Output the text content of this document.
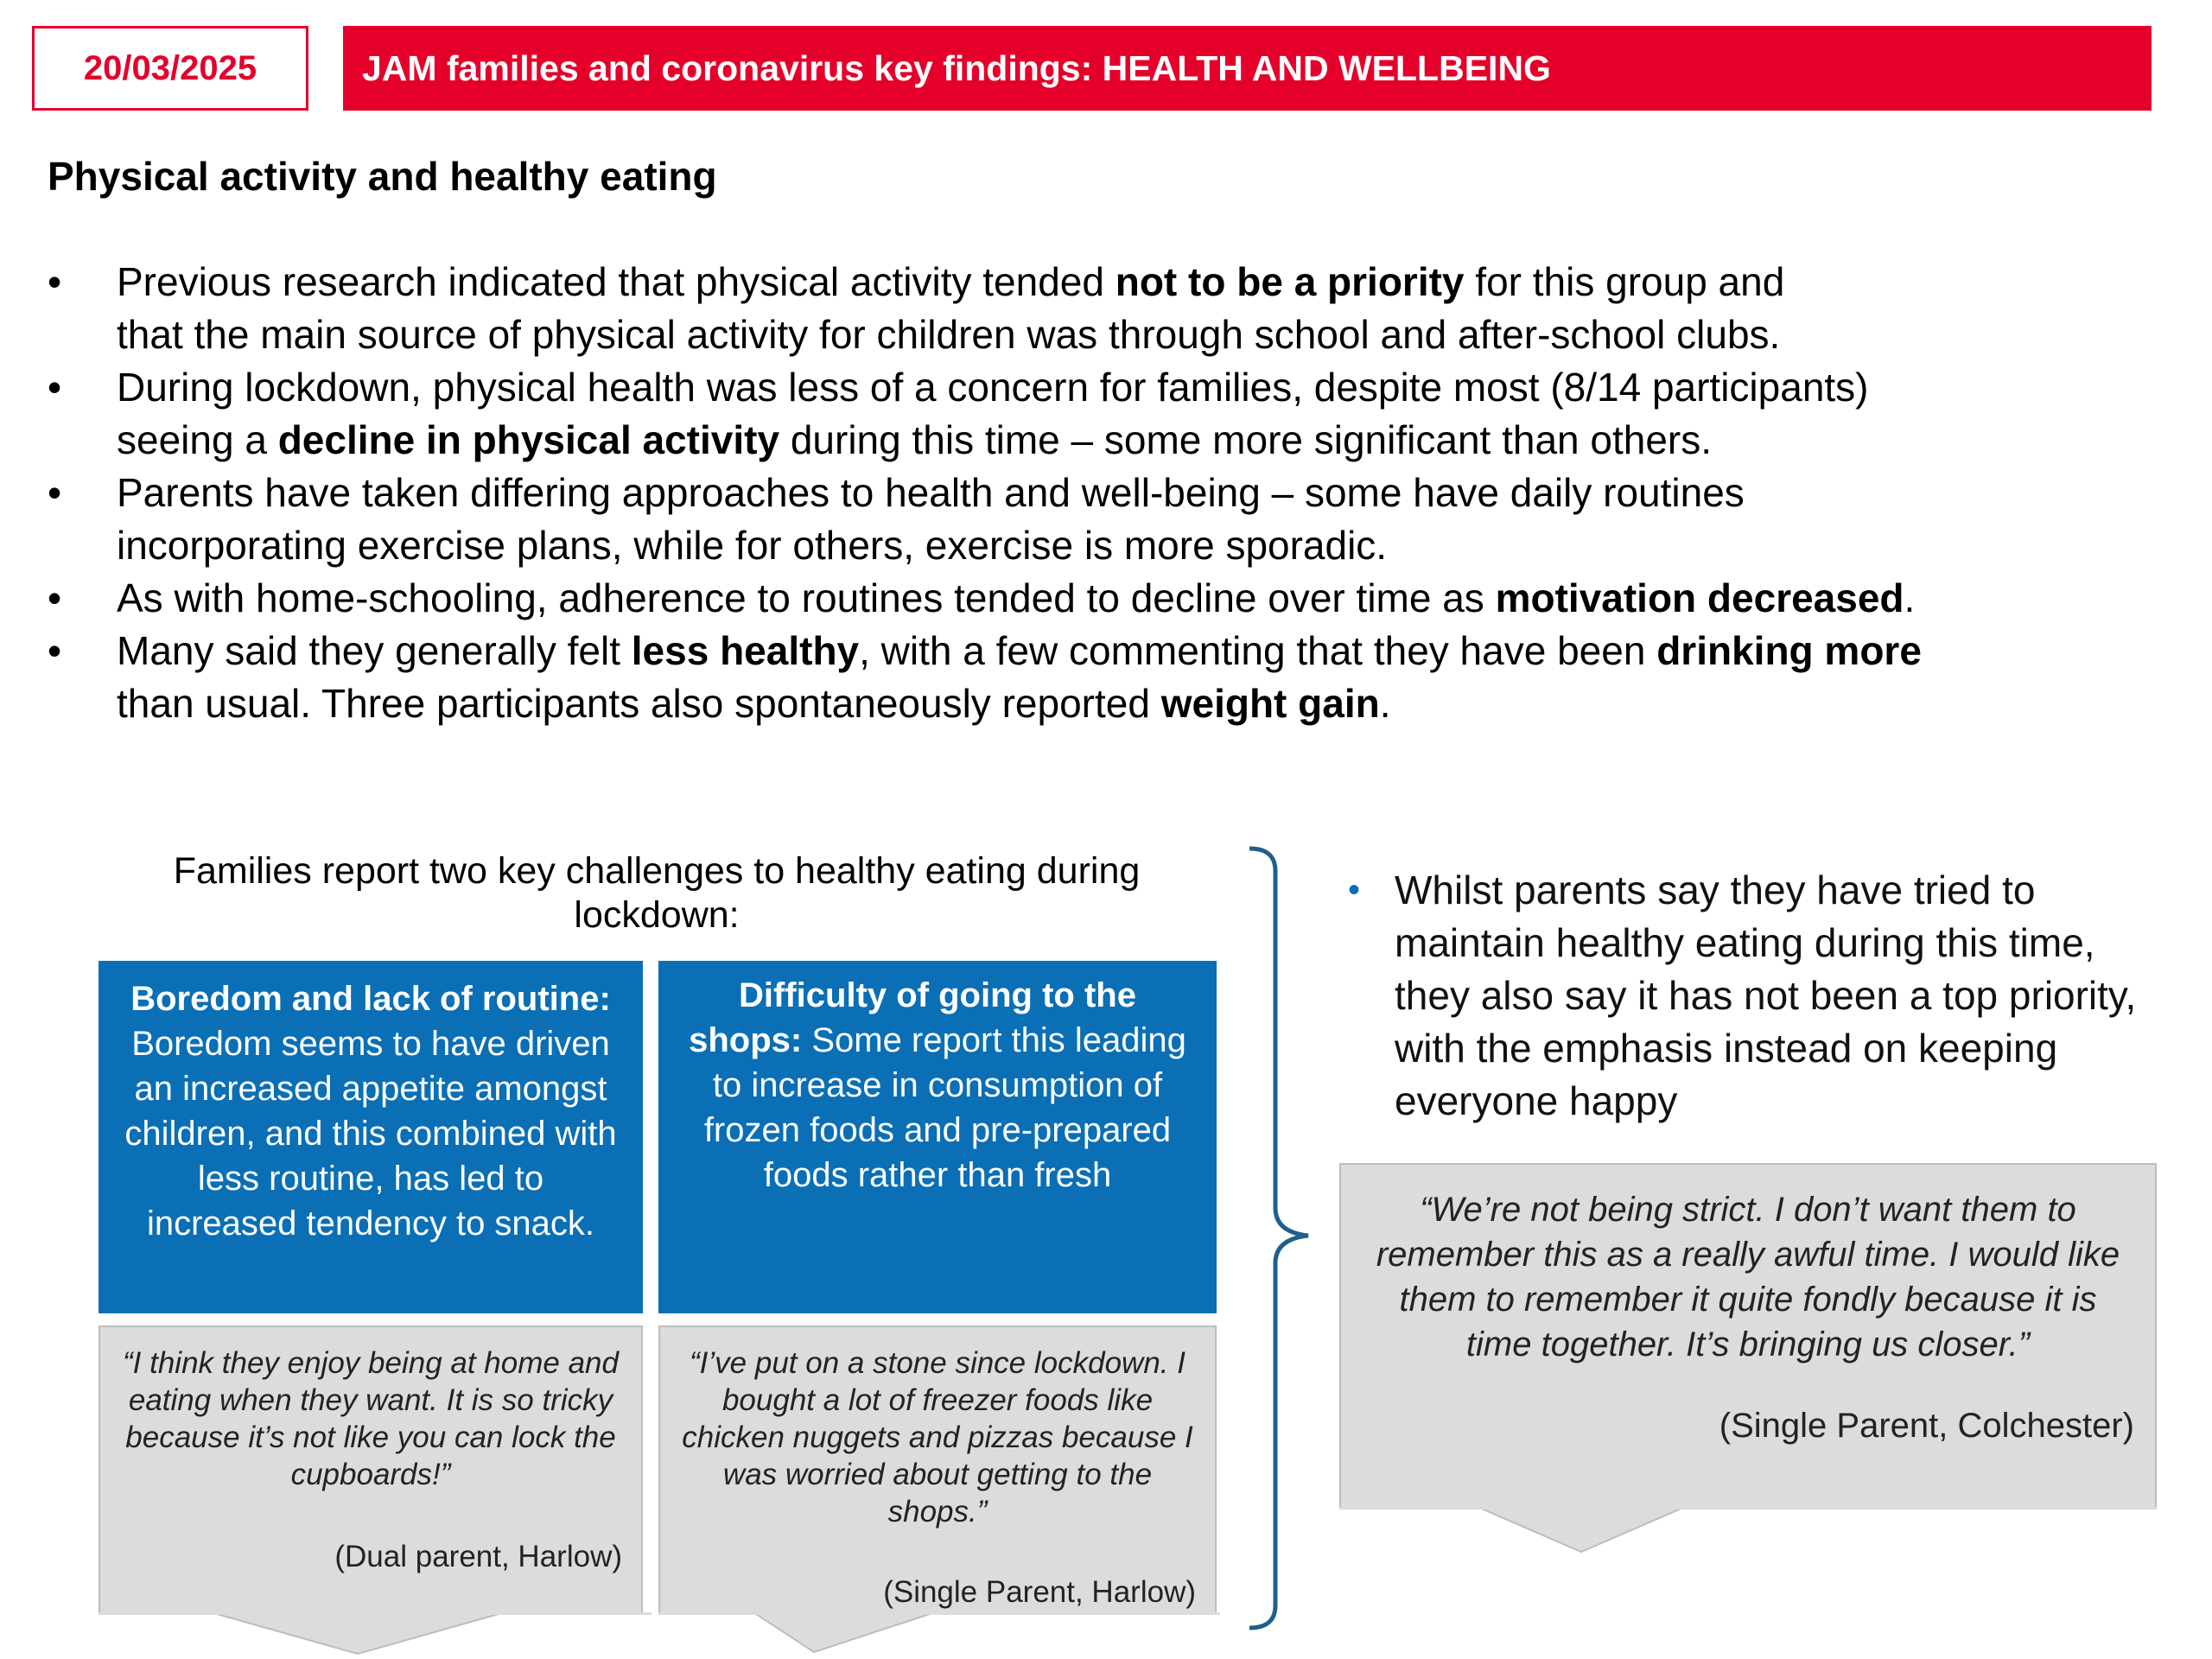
20/03/2025	JAM families and coronavirus key findings: HEALTH AND WELLBEING
Physical activity and healthy eating
•	Previous research indicated that physical activity tended not to be a priority for this group and
that the main source of physical activity for children was through school and after-school clubs.
•	During lockdown, physical health was less of a concern for families, despite most (8/14 participants)
seeing a decline in physical activity during this time – some more significant than others.
•	Parents have taken differing approaches to health and well-being – some have daily routines
incorporating exercise plans, while for others, exercise is more sporadic.
•	As with home-schooling, adherence to routines tended to decline over time as motivation decreased.
•	Many said they generally felt less healthy, with a few commenting that they have been drinking more
than usual. Three participants also spontaneously reported weight gain.
Families report two key challenges to healthy eating during lockdown:
Boredom and lack of routine: Boredom seems to have driven an increased appetite amongst children, and this combined with less routine, has led to increased tendency to snack.
Difficulty of going to the shops: Some report this leading to increase in consumption of frozen foods and pre-prepared foods rather than fresh
“I think they enjoy being at home and eating when they want. It is so tricky because it’s not like you can lock the cupboards!”
(Dual parent, Harlow)
“I’ve put on a stone since lockdown. I bought a lot of freezer foods like chicken nuggets and pizzas because I was worried about getting to the shops.”
(Single Parent, Harlow)
• Whilst parents say they have tried to maintain healthy eating during this time, they also say it has not been a top priority, with the emphasis instead on keeping everyone happy
“We’re not being strict. I don’t want them to remember this as a really awful time. I would like them to remember it quite fondly because it is time together. It’s bringing us closer.”
(Single Parent, Colchester)
